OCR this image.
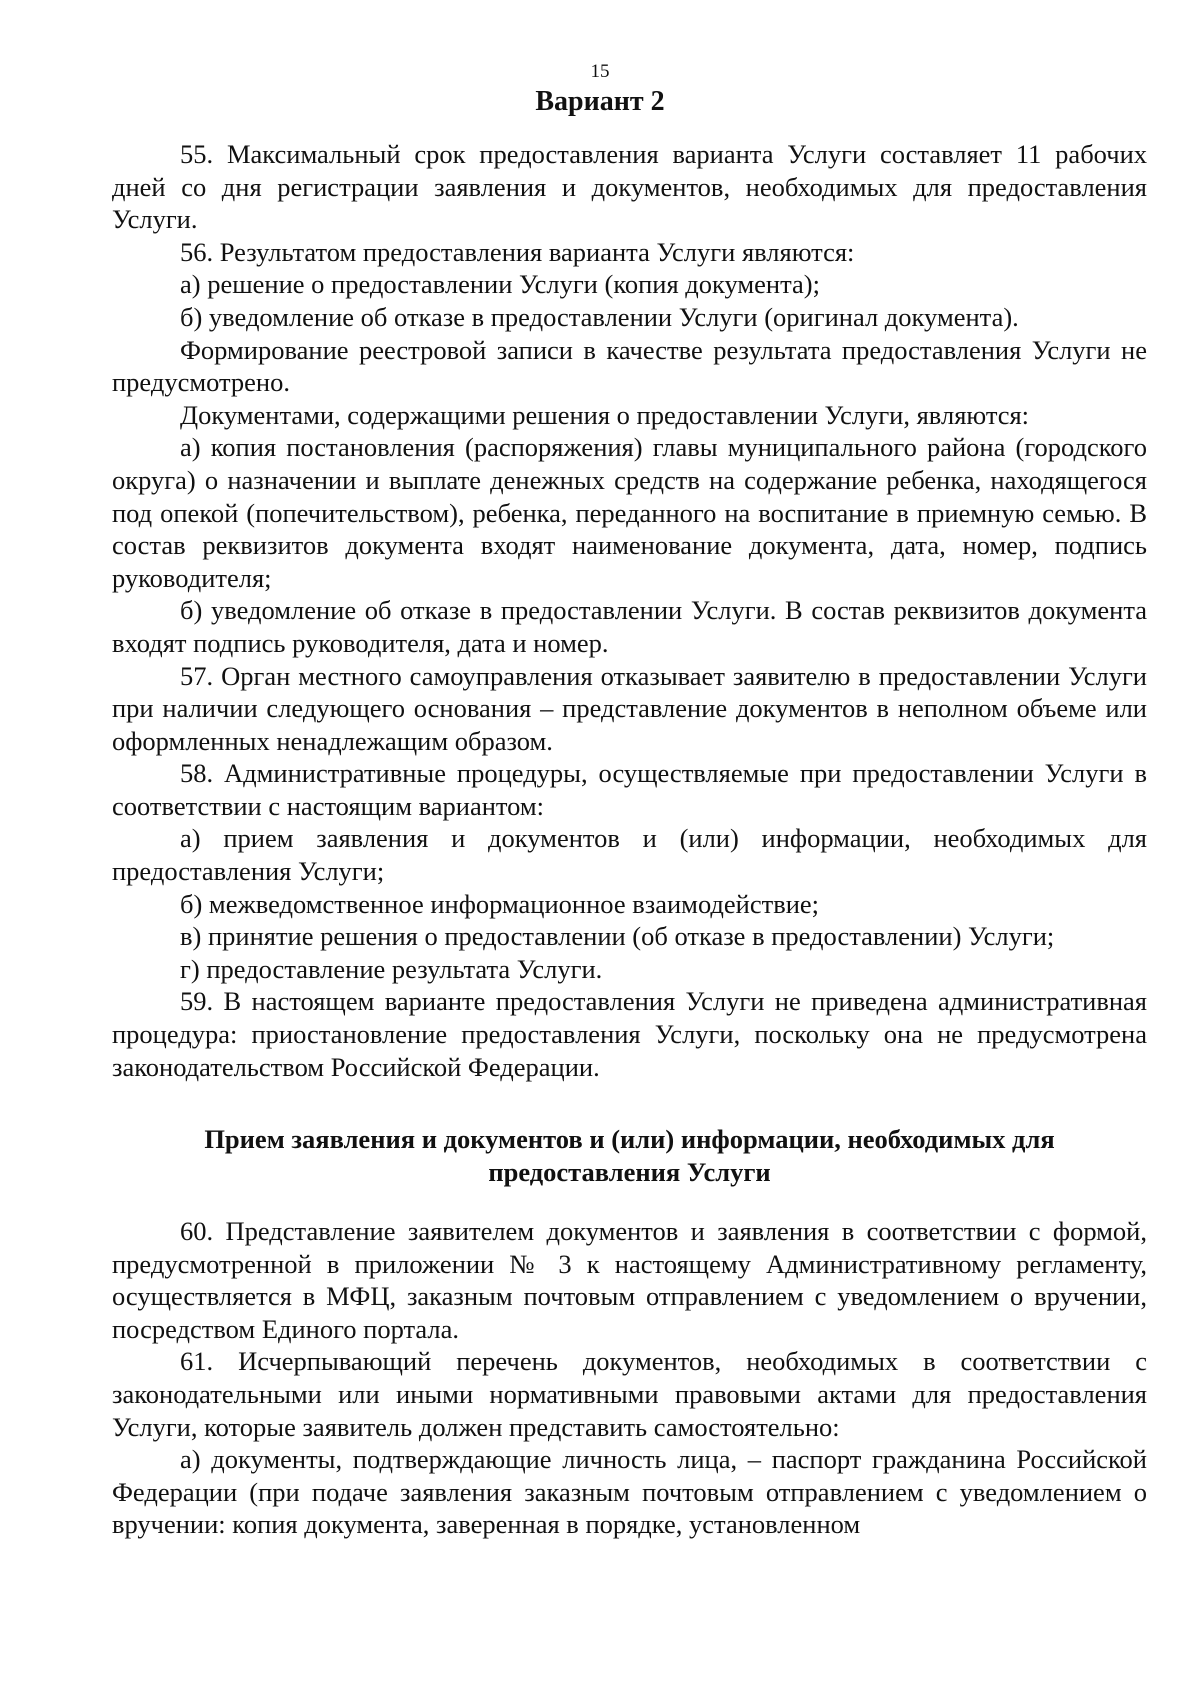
15
Вариант 2

55. Максимальный срок предоставления варианта Услуги составляет 11 рабочих дней со дня регистрации заявления и документов, необходимых для предоставления Услуги.

56. Результатом предоставления варианта Услуги являются:

а) решение о предоставлении Услуги (копия документа);

б) уведомление об отказе в предоставлении Услуги (оригинал документа).

Формирование реестровой записи в качестве результата предоставления Услуги не предусмотрено.

Документами, содержащими решения о предоставлении Услуги, являются:

а) копия постановления (распоряжения) главы муниципального района (городского округа) о назначении и выплате денежных средств на содержание ребенка, находящегося под опекой (попечительством), ребенка, переданного на воспитание в приемную семью. В состав реквизитов документа входят наименование документа, дата, номер, подпись руководителя;

б) уведомление об отказе в предоставлении Услуги. В состав реквизитов документа входят подпись руководителя, дата и номер.

57. Орган местного самоуправления отказывает заявителю в предоставлении Услуги при наличии следующего основания – представление документов в неполном объеме или оформленных ненадлежащим образом.

58. Административные процедуры, осуществляемые при предоставлении Услуги в соответствии с настоящим вариантом:

а) прием заявления и документов и (или) информации, необходимых для предоставления Услуги;

б) межведомственное информационное взаимодействие;

в) принятие решения о предоставлении (об отказе в предоставлении) Услуги;

г) предоставление результата Услуги.

59. В настоящем варианте предоставления Услуги не приведена административная процедура: приостановление предоставления Услуги, поскольку она не предусмотрена законодательством Российской Федерации.

Прием заявления и документов и (или) информации, необходимых для

предоставления Услуги

60. Представление заявителем документов и заявления в соответствии с формой, предусмотренной в приложении № 3 к настоящему Административному регламенту, осуществляется в МФЦ, заказным почтовым отправлением с уведомлением о вручении, посредством Единого портала.

61. Исчерпывающий перечень документов, необходимых в соответствии с законодательными или иными нормативными правовыми актами для предоставления Услуги, которые заявитель должен представить самостоятельно:

а) документы, подтверждающие личность лица, – паспорт гражданина Российской Федерации (при подаче заявления заказным почтовым отправлением с уведомлением о вручении: копия документа, заверенная в порядке, установленном
